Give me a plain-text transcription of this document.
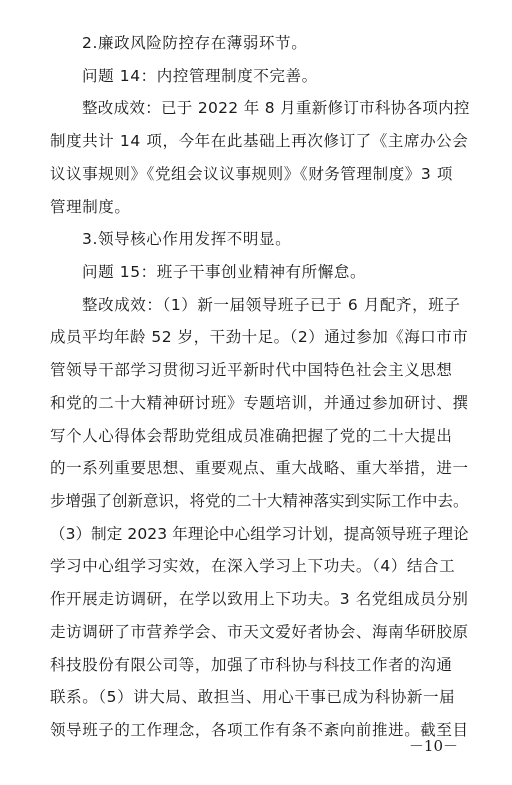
2.廉政风险防控存在薄弱环节。
问题 14：内控管理制度不完善。
整改成效：已于 2022 年 8 月重新修订市科协各项内控
制度共计 14 项，今年在此基础上再次修订了《主席办公会
议议事规则》《党组会议议事规则》《财务管理制度》3 项
管理制度。
3.领导核心作用发挥不明显。
问题 15：班子干事创业精神有所懈怠。
整改成效：（1）新一届领导班子已于 6 月配齐，班子
成员平均年龄 52 岁，干劲十足。（2）通过参加《海口市市
管领导干部学习贯彻习近平新时代中国特色社会主义思想
和党的二十大精神研讨班》专题培训，并通过参加研讨、撰
写个人心得体会帮助党组成员准确把握了党的二十大提出
的一系列重要思想、重要观点、重大战略、重大举措，进一
步增强了创新意识，将党的二十大精神落实到实际工作中去。
（3）制定 2023 年理论中心组学习计划，提高领导班子理论
学习中心组学习实效，在深入学习上下功夫。（4）结合工
作开展走访调研，在学以致用上下功夫。3 名党组成员分别
走访调研了市营养学会、市天文爱好者协会、海南华研胶原
科技股份有限公司等，加强了市科协与科技工作者的沟通
联系。（5）讲大局、敢担当、用心干事已成为科协新一届
领导班子的工作理念，各项工作有条不紊向前推进。截至目
－10－
